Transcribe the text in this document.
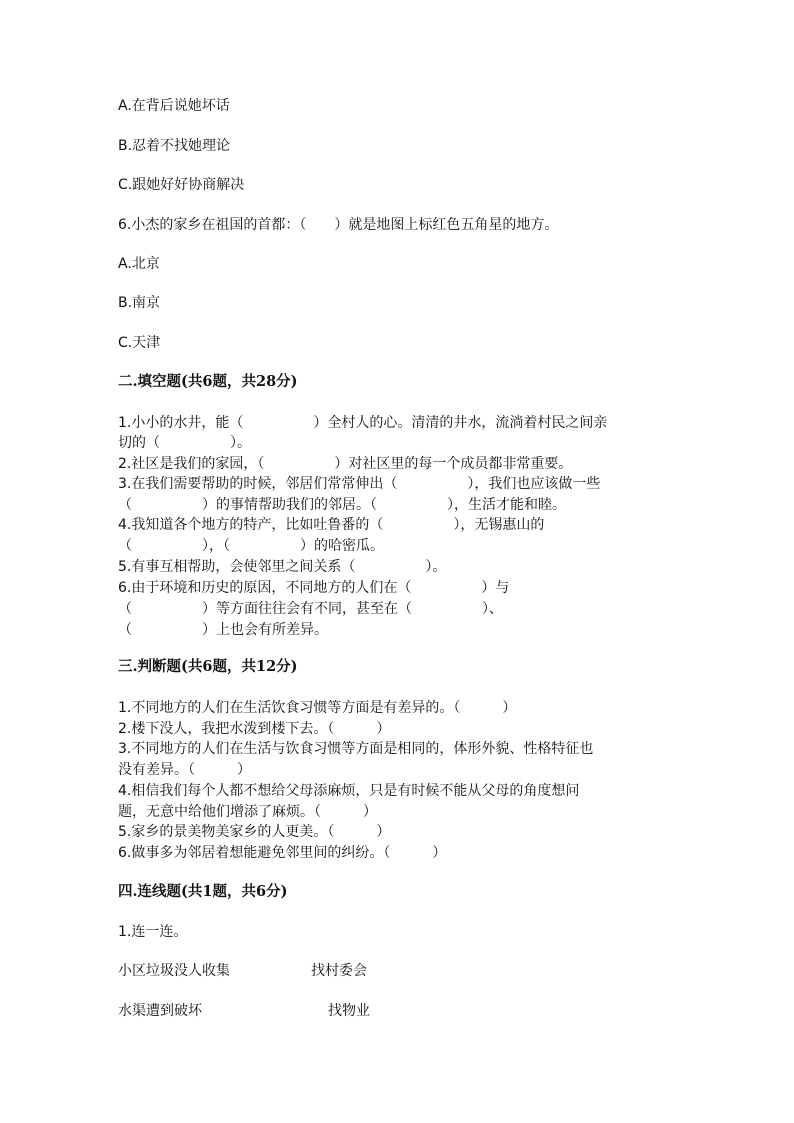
A.在背后说她坏话

B.忍着不找她理论

C.跟她好好协商解决

6.小杰的家乡在祖国的首都：（　　）就是地图上标红色五角星的地方。

A.北京

B.南京

C.天津

二.填空题(共6题，共28分)

1.小小的水井，能（　　　　　）全村人的心。清清的井水，流淌着村民之间亲

切的（　　　　　）。

2.社区是我们的家园，（　　　　　）对社区里的每一个成员都非常重要。

3.在我们需要帮助的时候，邻居们常常伸出（　　　　　），我们也应该做一些

（　　　　　）的事情帮助我们的邻居。（　　　　　），生活才能和睦。

4.我知道各个地方的特产，比如吐鲁番的（　　　　　），无锡惠山的

（　　　　　），（　　　　　）的哈密瓜。

5.有事互相帮助，会使邻里之间关系（　　　　　）。

6.由于环境和历史的原因，不同地方的人们在（　　　　　）与

（　　　　　）等方面往往会有不同，甚至在（　　　　　）、

（　　　　　）上也会有所差异。

三.判断题(共6题，共12分)

1.不同地方的人们在生活饮食习惯等方面是有差异的。（　　　）

2.楼下没人，我把水泼到楼下去。（　　　）

3.不同地方的人们在生活与饮食习惯等方面是相同的，体形外貌、性格特征也

没有差异。（　　　）

4.相信我们每个人都不想给父母添麻烦，只是有时候不能从父母的角度想问

题，无意中给他们增添了麻烦。（　　　）

5.家乡的景美物美家乡的人更美。（　　　）

6.做事多为邻居着想能避免邻里间的纠纷。（　　　）

四.连线题(共1题，共6分)

1.连一连。

小区垃圾没人收集	找村委会

水渠遭到破坏	找物业
